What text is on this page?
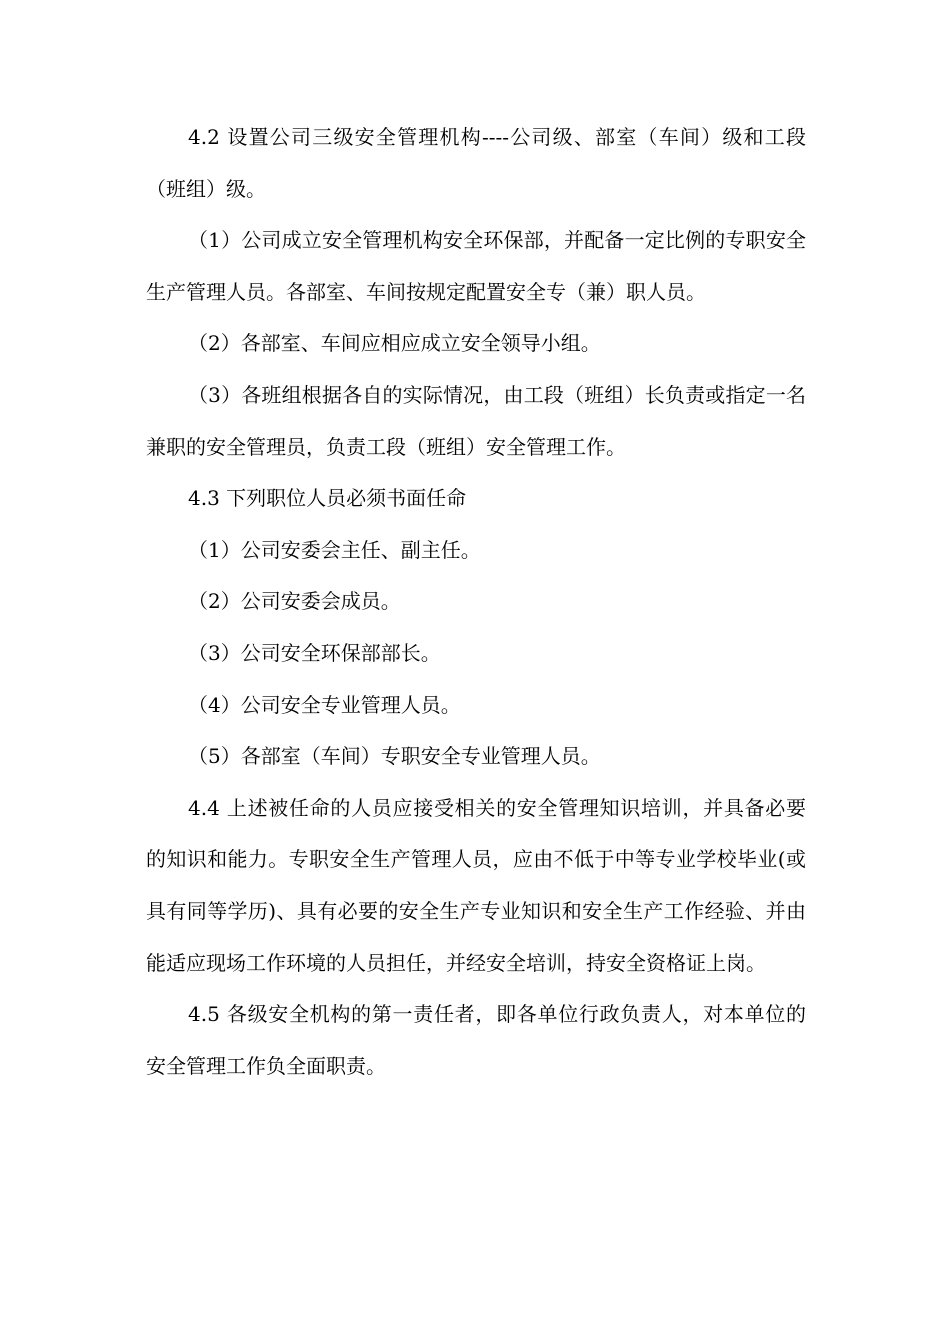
4.2 设置公司三级安全管理机构----公司级、部室（车间）级和工段（班组）级。

（1）公司成立安全管理机构安全环保部，并配备一定比例的专职安全生产管理人员。各部室、车间按规定配置安全专（兼）职人员。

（2）各部室、车间应相应成立安全领导小组。

（3）各班组根据各自的实际情况，由工段（班组）长负责或指定一名兼职的安全管理员，负责工段（班组）安全管理工作。

4.3 下列职位人员必须书面任命

（1）公司安委会主任、副主任。

（2）公司安委会成员。

（3）公司安全环保部部长。

（4）公司安全专业管理人员。

（5）各部室（车间）专职安全专业管理人员。

4.4 上述被任命的人员应接受相关的安全管理知识培训，并具备必要的知识和能力。专职安全生产管理人员，应由不低于中等专业学校毕业(或具有同等学历)、具有必要的安全生产专业知识和安全生产工作经验、并由能适应现场工作环境的人员担任，并经安全培训，持安全资格证上岗。

4.5 各级安全机构的第一责任者，即各单位行政负责人，对本单位的安全管理工作负全面职责。
